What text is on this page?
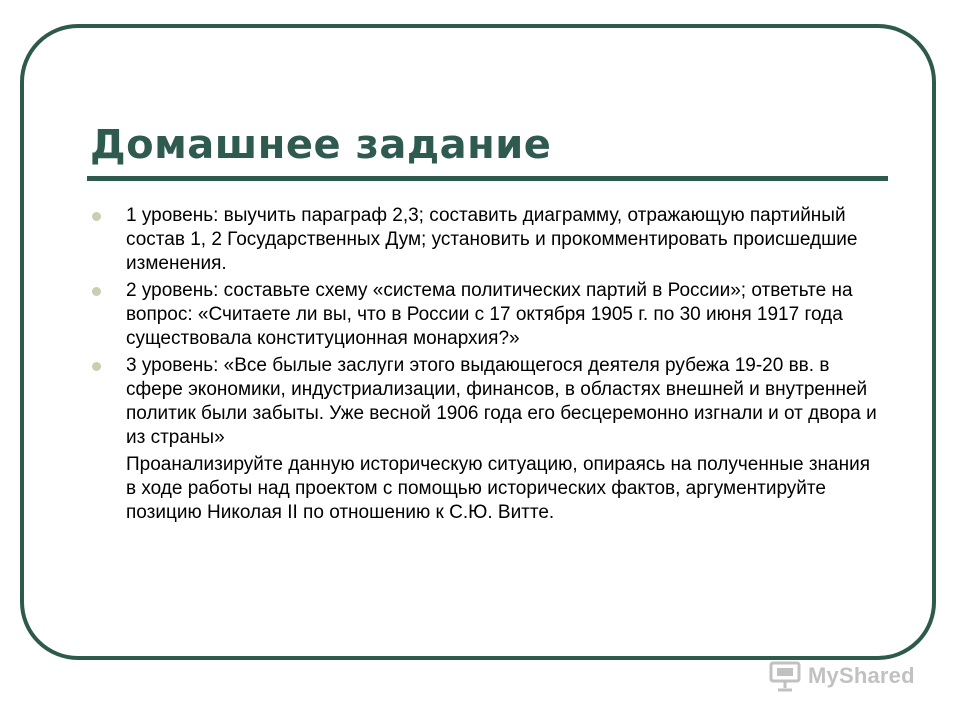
Домашнее задание
1 уровень: выучить параграф 2,3; составить диаграмму, отражающую партийный состав 1, 2 Государственных Дум; установить и прокомментировать происшедшие изменения.
2 уровень: составьте схему «система политических партий в России»; ответьте на вопрос: «Считаете ли вы, что в России с 17 октября 1905 г. по 30 июня 1917 года существовала конституционная монархия?»
3 уровень: «Все былые заслуги этого выдающегося деятеля рубежа 19-20 вв. в сфере экономики, индустриализации, финансов, в областях внешней и внутренней политик были забыты. Уже весной 1906 года его бесцеремонно изгнали и от двора и из страны»

Проанализируйте данную историческую ситуацию, опираясь на полученные знания в ходе работы над проектом с помощью исторических фактов, аргументируйте позицию Николая II по отношению к С.Ю. Витте.

MyShared
